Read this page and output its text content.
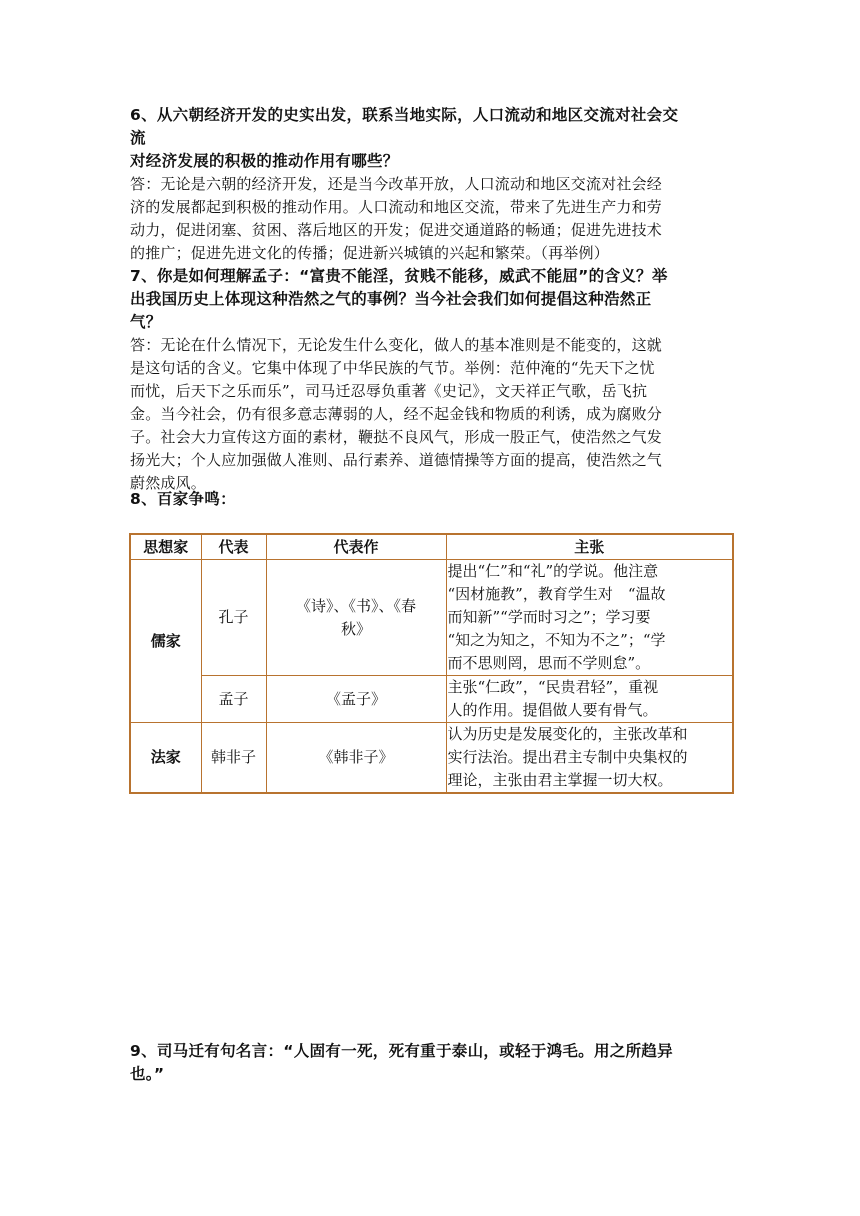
6、从六朝经济开发的史实出发，联系当地实际，人口流动和地区交流对社会交
流
对经济发展的积极的推动作用有哪些？
答：无论是六朝的经济开发，还是当今改革开放，人口流动和地区交流对社会经
济的发展都起到积极的推动作用。人口流动和地区交流，带来了先进生产力和劳
动力，促进闭塞、贫困、落后地区的开发；促进交通道路的畅通；促进先进技术
的推广；促进先进文化的传播；促进新兴城镇的兴起和繁荣。（再举例）
7、你是如何理解孟子：“富贵不能淫，贫贱不能移，威武不能屈”的含义？举
出我国历史上体现这种浩然之气的事例？当今社会我们如何提倡这种浩然正
气？
答：无论在什么情况下，无论发生什么变化，做人的基本准则是不能变的，这就
是这句话的含义。它集中体现了中华民族的气节。举例：范仲淹的“先天下之忧
而忧，后天下之乐而乐”，司马迁忍辱负重著《史记》，文天祥正气歌，岳飞抗
金。当今社会，仍有很多意志薄弱的人，经不起金钱和物质的利诱，成为腐败分
子。社会大力宣传这方面的素材，鞭挞不良风气，形成一股正气，使浩然之气发
扬光大；个人应加强做人准则、品行素养、道德情操等方面的提高，使浩然之气
蔚然成风。
8、百家争鸣：
思想家	代表	代表作	主张
儒家	孔子	《诗》、《书》、《春
秋》	提出“仁”和“礼”的学说。他注意
“因材施教”，教育学生对　“温故
而知新”“学而时习之”；学习要
“知之为知之，不知为不之”；“学
而不思则罔，思而不学则怠”。

	孟子	《孟子》	主张“仁政”，“民贵君轻”，重视
人的作用。提倡做人要有骨气。

法家	韩非子	《韩非子》	认为历史是发展变化的，主张改革和
实行法治。提出君主专制中央集权的
理论，主张由君主掌握一切大权。
9、司马迁有句名言：“人固有一死，死有重于泰山，或轻于鸿毛。用之所趋异
也。”
